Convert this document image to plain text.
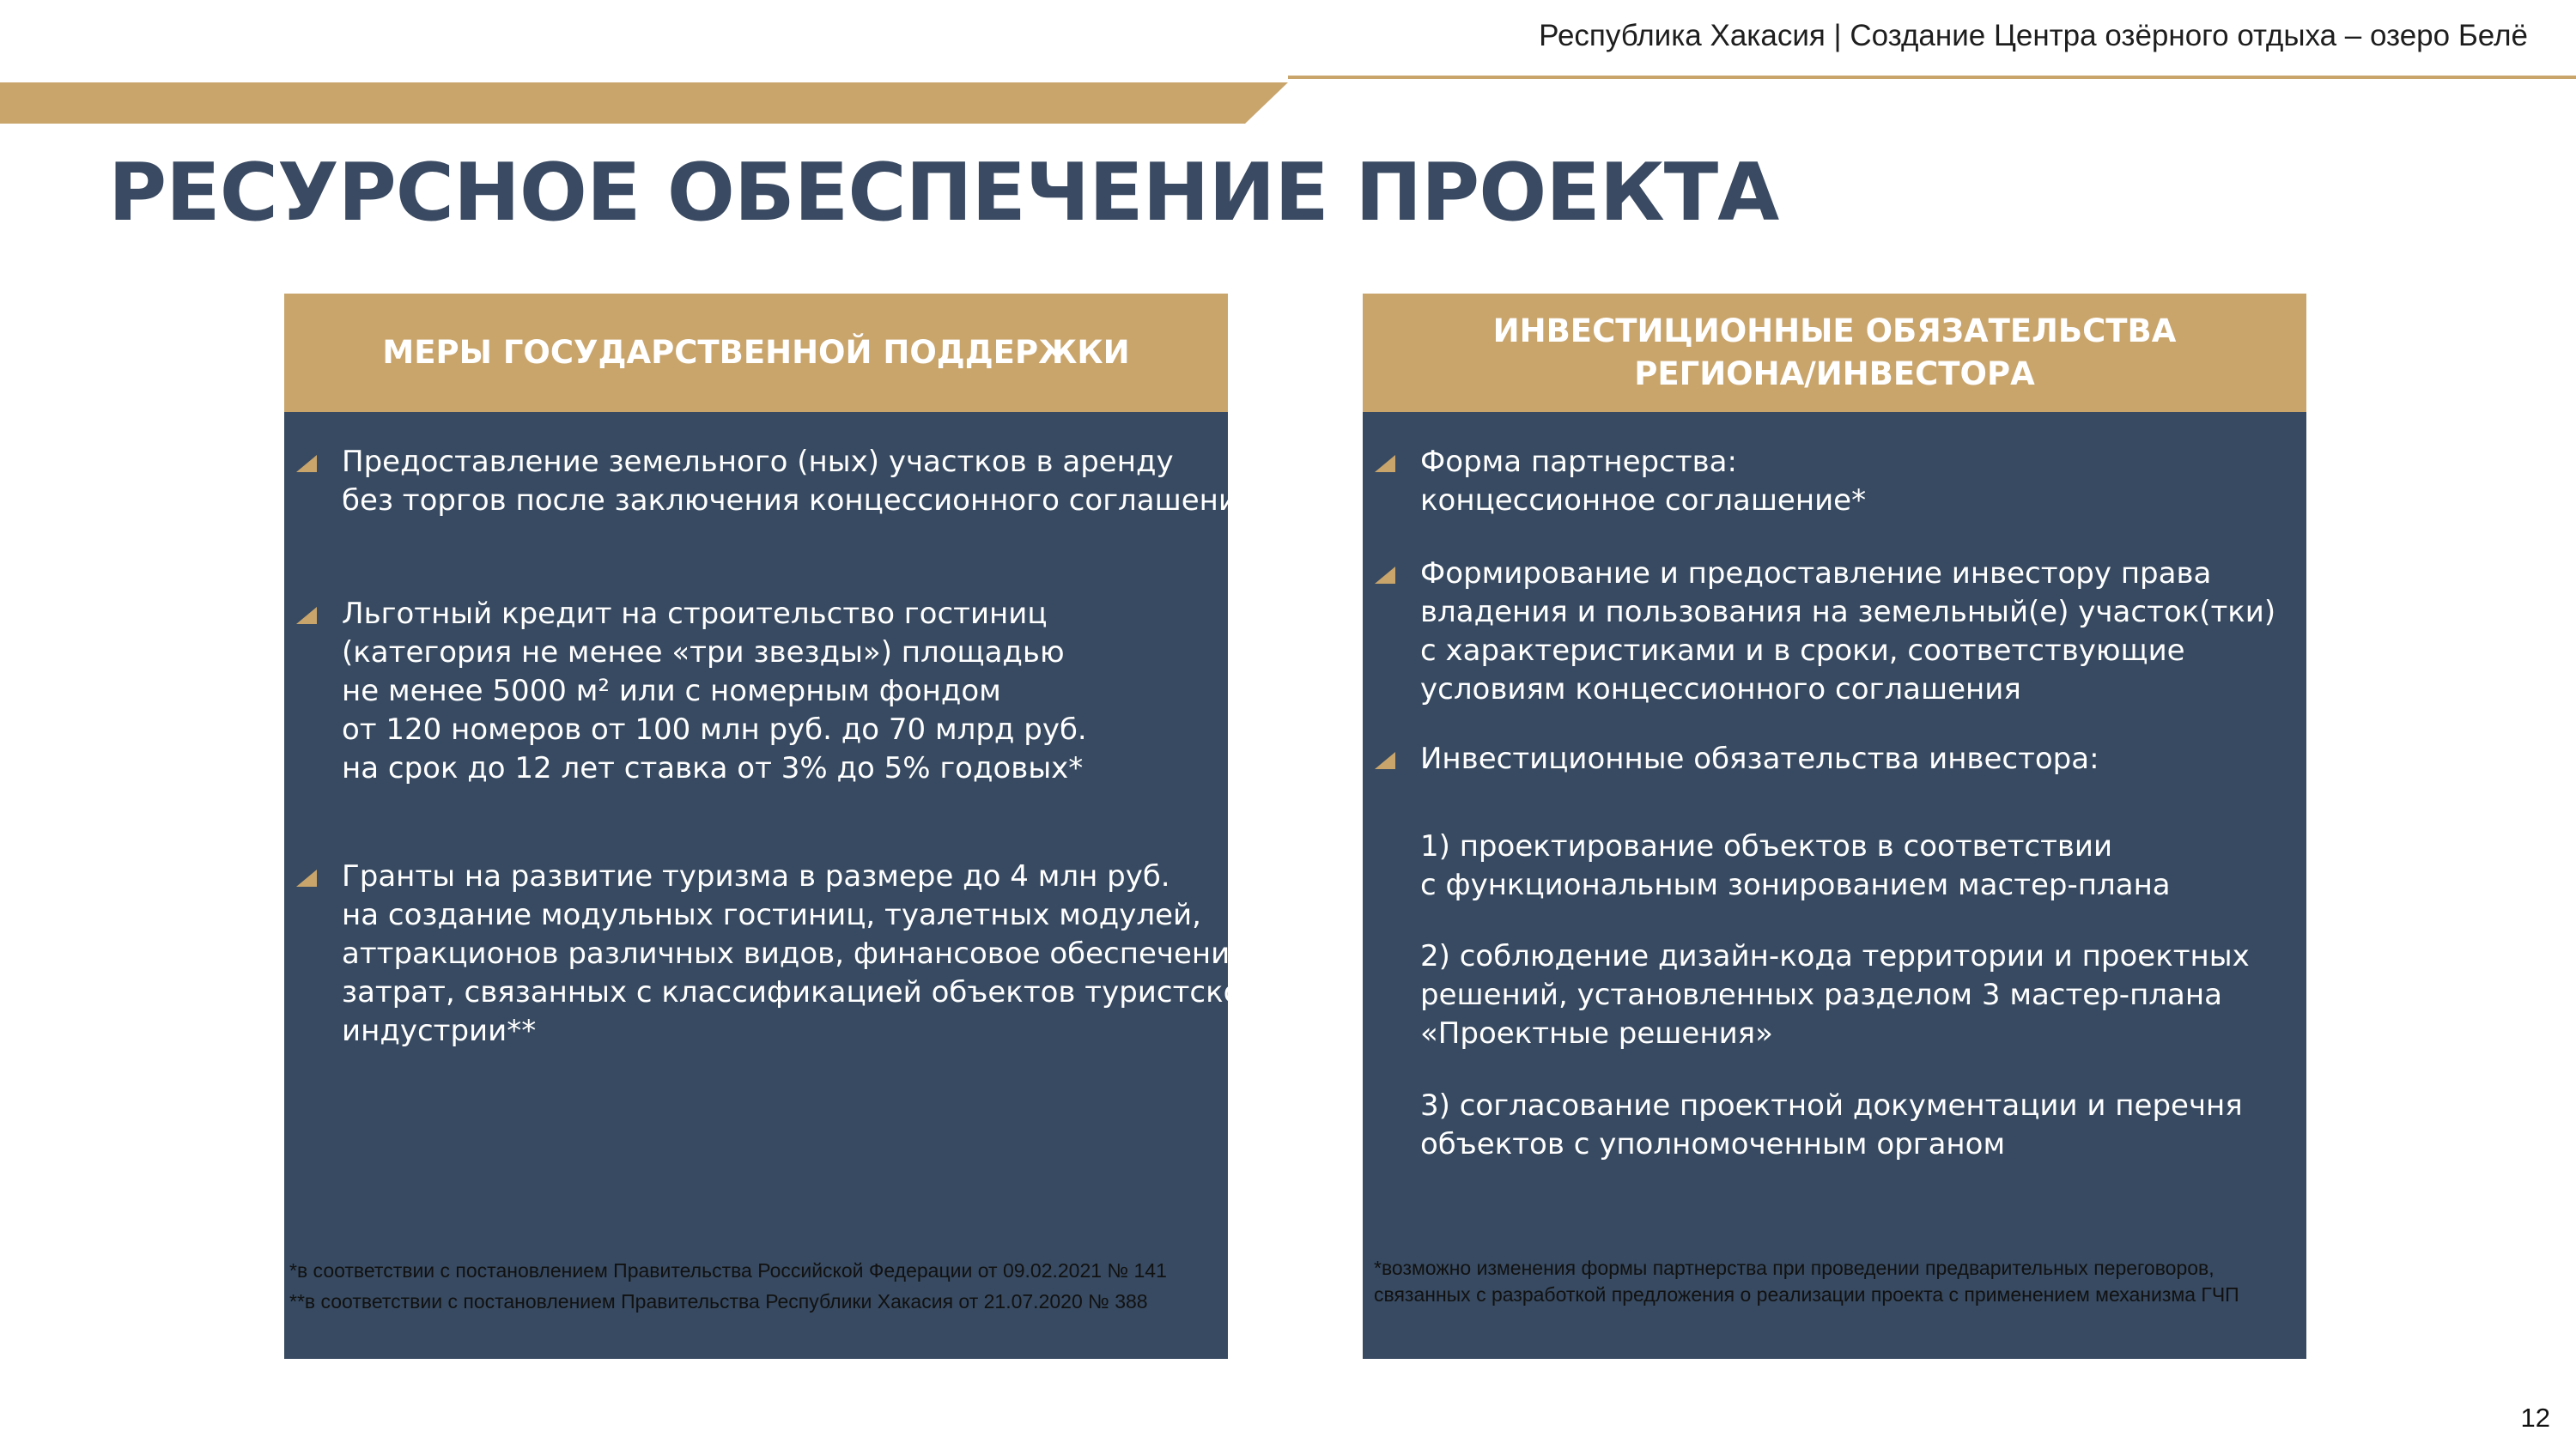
Республика Хакасия | Создание Центра озёрного отдыха – озеро Белё
РЕСУРСНОЕ ОБЕСПЕЧЕНИЕ ПРОЕКТА
МЕРЫ ГОСУДАРСТВЕННОЙ ПОДДЕРЖКИ
Предоставление земельного (ных) участков в аренду
без торгов после заключения концессионного соглашения
Льготный кредит на строительство гостиниц
(категория не менее «три звезды») площадью
не менее 5000 м² или с номерным фондом
от 120 номеров от 100 млн руб. до 70 млрд руб.
на срок до 12 лет ставка от 3% до 5% годовых*
Гранты на развитие туризма в размере до 4 млн руб.
на создание модульных гостиниц, туалетных модулей,
аттракционов различных видов, финансовое обеспечение
затрат, связанных с классификацией объектов туристской
индустрии**
ИНВЕСТИЦИОННЫЕ ОБЯЗАТЕЛЬСТВА
РЕГИОНА/ИНВЕСТОРА
Форма партнерства:
концессионное соглашение*
Формирование и предоставление инвестору права
владения и пользования на земельный(е) участок(тки)
с характеристиками и в сроки, соответствующие
условиям концессионного соглашения
Инвестиционные обязательства инвестора:
1) проектирование объектов в соответствии
с функциональным зонированием мастер-плана
2) соблюдение дизайн-кода территории и проектных
решений, установленных разделом 3 мастер-плана
«Проектные решения»
3) согласование проектной документации и перечня
объектов с уполномоченным органом
*в соответствии с постановлением Правительства Российской Федерации от 09.02.2021 № 141
**в соответствии с постановлением Правительства Республики Хакасия от 21.07.2020 № 388
*возможно изменения формы партнерства при проведении предварительных переговоров,
связанных с разработкой предложения о реализации проекта с применением механизма ГЧП
12
